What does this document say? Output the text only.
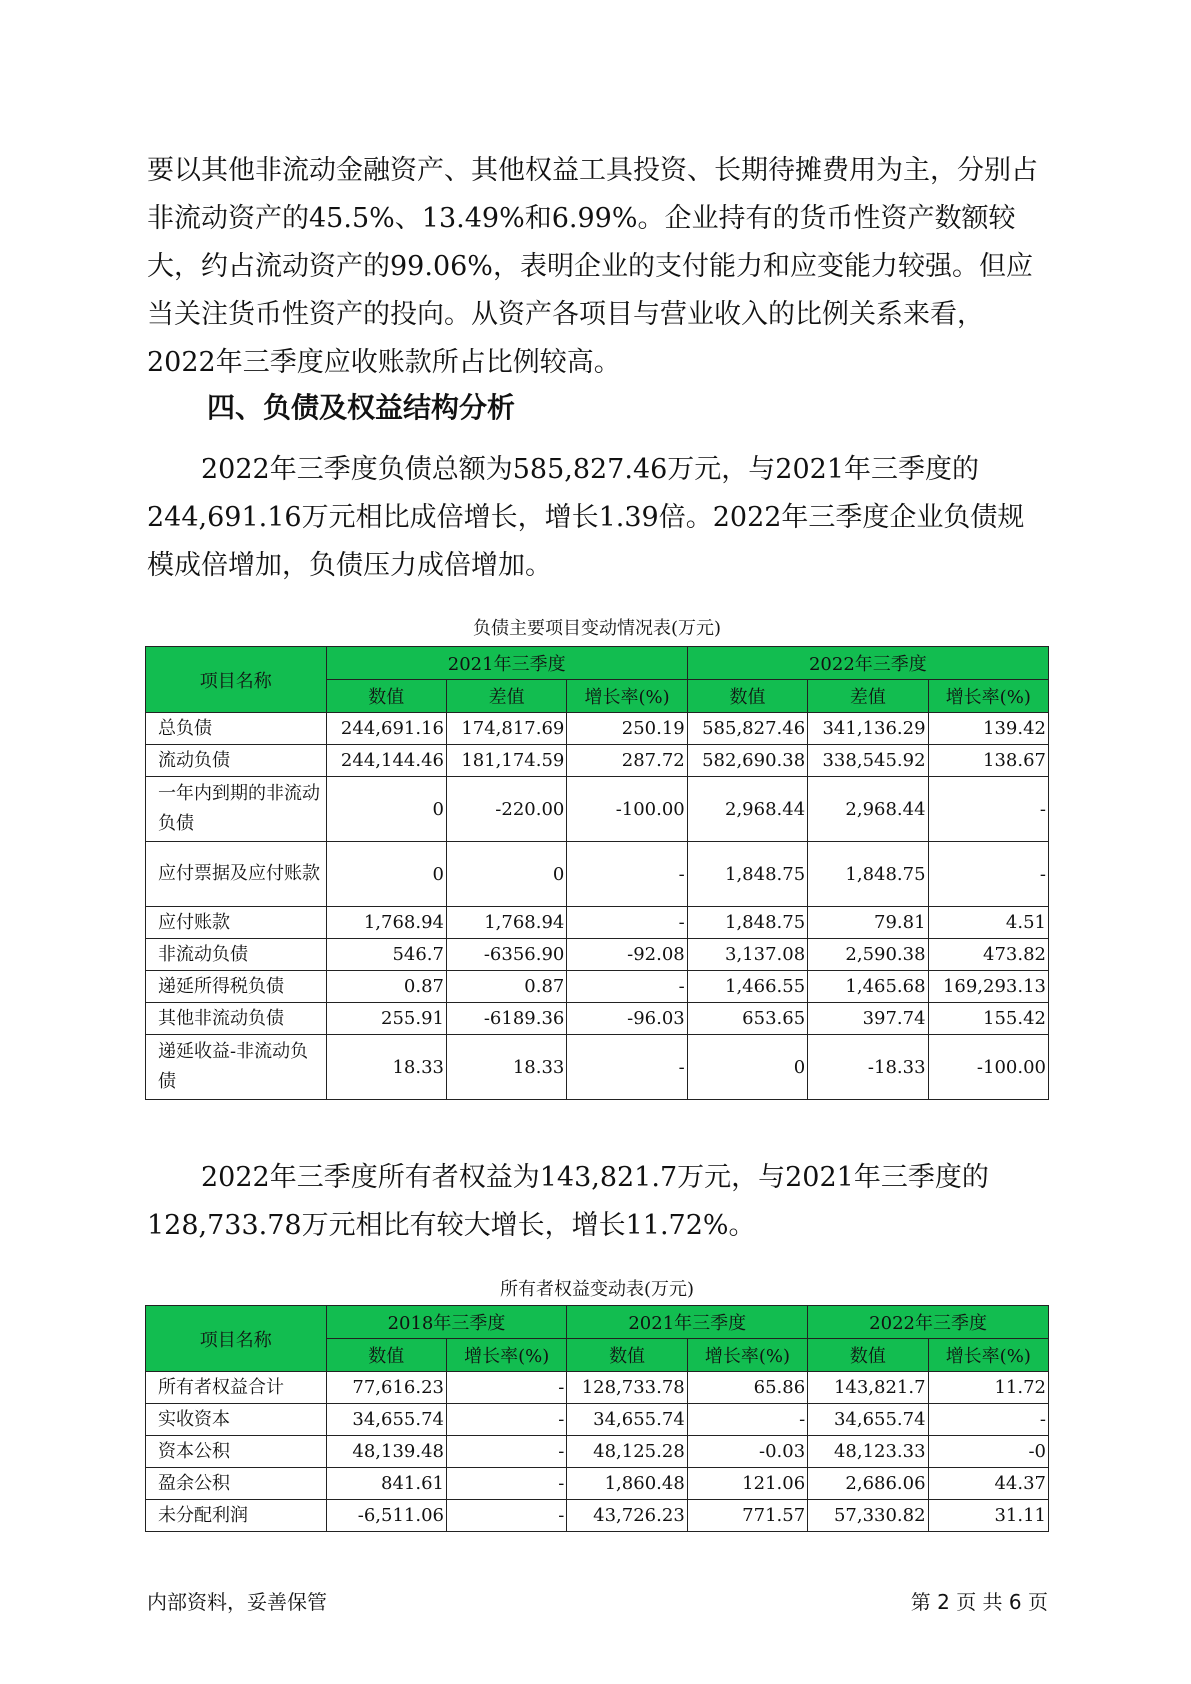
要以其他非流动金融资产、其他权益工具投资、长期待摊费用为主，分别占非流动资产的45.5%、13.49%和6.99%。企业持有的货币性资产数额较大，约占流动资产的99.06%，表明企业的支付能力和应变能力较强。但应当关注货币性资产的投向。从资产各项目与营业收入的比例关系来看，2022年三季度应收账款所占比例较高。

四、负债及权益结构分析

2022年三季度负债总额为585,827.46万元，与2021年三季度的244,691.16万元相比成倍增长，增长1.39倍。2022年三季度企业负债规模成倍增加，负债压力成倍增加。

负债主要项目变动情况表(万元)
项目名称	2021年三季度			2022年三季度		
	数值	差值	增长率(%)	数值	差值	增长率(%)
总负债	244,691.16	174,817.69	250.19	585,827.46	341,136.29	139.42
流动负债	244,144.46	181,174.59	287.72	582,690.38	338,545.92	138.67
一年内到期的非流动负债	0	-220.00	-100.00	2,968.44	2,968.44	-
应付票据及应付账款	0	0	-	1,848.75	1,848.75	-
应付账款	1,768.94	1,768.94	-	1,848.75	79.81	4.51
非流动负债	546.7	-6356.90	-92.08	3,137.08	2,590.38	473.82
递延所得税负债	0.87	0.87	-	1,466.55	1,465.68	169,293.13
其他非流动负债	255.91	-6189.36	-96.03	653.65	397.74	155.42
递延收益-非流动负债	18.33	18.33	-	0	-18.33	-100.00

2022年三季度所有者权益为143,821.7万元，与2021年三季度的128,733.78万元相比有较大增长，增长11.72%。

所有者权益变动表(万元)
项目名称	2018年三季度		2021年三季度		2022年三季度	
	数值	增长率(%)	数值	增长率(%)	数值	增长率(%)
所有者权益合计	77,616.23	-	128,733.78	65.86	143,821.7	11.72
实收资本	34,655.74	-	34,655.74	-	34,655.74	-
资本公积	48,139.48	-	48,125.28	-0.03	48,123.33	-0
盈余公积	841.61	-	1,860.48	121.06	2,686.06	44.37
未分配利润	-6,511.06	-	43,726.23	771.57	57,330.82	31.11
内部资料，妥善保管	第 2 页 共 6 页
